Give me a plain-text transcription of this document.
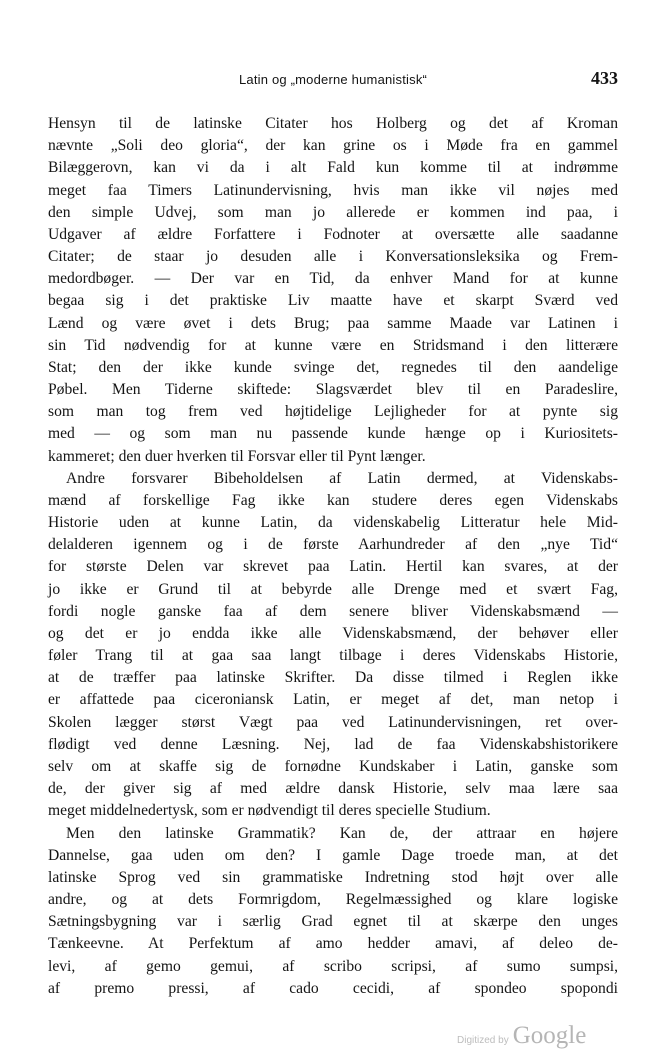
Latin og „moderne humanistisk“	433
Hensyn til de latinske Citater hos Holberg og det af Kroman
nævnte „Soli deo gloria“, der kan grine os i Møde fra en gammel
Bilæggerovn, kan vi da i alt Fald kun komme til at indrømme
meget faa Timers Latinundervisning, hvis man ikke vil nøjes med
den simple Udvej, som man jo allerede er kommen ind paa, i
Udgaver af ældre Forfattere i Fodnoter at oversætte alle saadanne
Citater; de staar jo desuden alle i Konversationsleksika og Frem-
medordbøger. — Der var en Tid, da enhver Mand for at kunne
begaa sig i det praktiske Liv maatte have et skarpt Sværd ved
Lænd og være øvet i dets Brug; paa samme Maade var Latinen i
sin Tid nødvendig for at kunne være en Stridsmand i den litterære
Stat; den der ikke kunde svinge det, regnedes til den aandelige
Pøbel. Men Tiderne skiftede: Slagsværdet blev til en Paradeslire,
som man tog frem ved højtidelige Lejligheder for at pynte sig
med — og som man nu passende kunde hænge op i Kuriositets-
kammeret; den duer hverken til Forsvar eller til Pynt længer.
Andre forsvarer Bibeholdelsen af Latin dermed, at Videnskabs-
mænd af forskellige Fag ikke kan studere deres egen Videnskabs
Historie uden at kunne Latin, da videnskabelig Litteratur hele Mid-
delalderen igennem og i de første Aarhundreder af den „nye Tid“
for største Delen var skrevet paa Latin. Hertil kan svares, at der
jo ikke er Grund til at bebyrde alle Drenge med et svært Fag,
fordi nogle ganske faa af dem senere bliver Videnskabsmænd —
og det er jo endda ikke alle Videnskabsmænd, der behøver eller
føler Trang til at gaa saa langt tilbage i deres Videnskabs Historie,
at de træffer paa latinske Skrifter. Da disse tilmed i Reglen ikke
er affattede paa ciceroniansk Latin, er meget af det, man netop i
Skolen lægger størst Vægt paa ved Latinundervisningen, ret over-
flødigt ved denne Læsning. Nej, lad de faa Videnskabshistorikere
selv om at skaffe sig de fornødne Kundskaber i Latin, ganske som
de, der giver sig af med ældre dansk Historie, selv maa lære saa
meget middelnedertysk, som er nødvendigt til deres specielle Studium.
Men den latinske Grammatik? Kan de, der attraar en højere
Dannelse, gaa uden om den? I gamle Dage troede man, at det
latinske Sprog ved sin grammatiske Indretning stod højt over alle
andre, og at dets Formrigdom, Regelmæssighed og klare logiske
Sætningsbygning var i særlig Grad egnet til at skærpe den unges
Tænkeevne. At Perfektum af amo hedder amavi, af deleo de-
levi, af gemo gemui, af scribo scripsi, af sumo sumpsi,
af premo pressi, af cado cecidi, af spondeo spopondi
Digitized by Google
